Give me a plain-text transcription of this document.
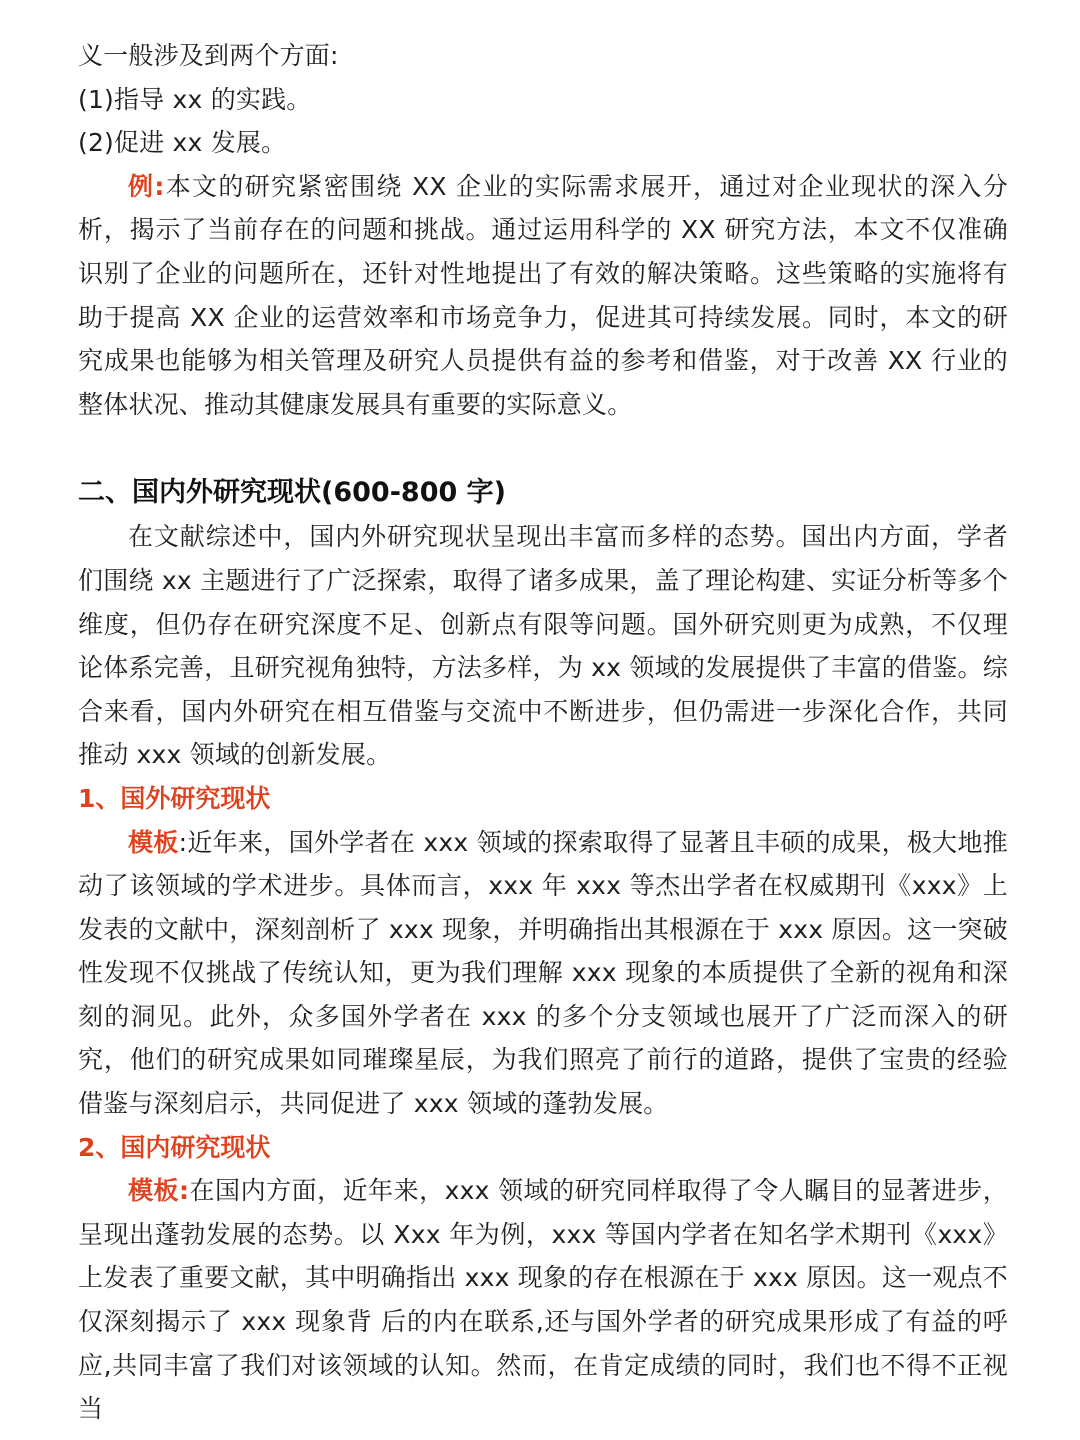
义一般涉及到两个方面:

(1)指导 xx 的实践。

(2)促进 xx 发展。

例:本文的研究紧密围绕 XX 企业的实际需求展开，通过对企业现状的深入分析，揭示了当前存在的问题和挑战。通过运用科学的 XX 研究方法，本文不仅准确识别了企业的问题所在，还针对性地提出了有效的解决策略。这些策略的实施将有助于提高 XX 企业的运营效率和市场竞争力，促进其可持续发展。同时，本文的研究成果也能够为相关管理及研究人员提供有益的参考和借鉴，对于改善 XX 行业的整体状况、推动其健康发展具有重要的实际意义。

二、国内外研究现状(600-800 字)

在文献综述中，国内外研究现状呈现出丰富而多样的态势。国出内方面，学者们围绕 xx 主题进行了广泛探索，取得了诸多成果，盖了理论构建、实证分析等多个维度，但仍存在研究深度不足、创新点有限等问题。国外研究则更为成熟，不仅理论体系完善，且研究视角独特，方法多样，为 xx 领域的发展提供了丰富的借鉴。综合来看，国内外研究在相互借鉴与交流中不断进步，但仍需进一步深化合作，共同推动 xxx 领域的创新发展。

1、国外研究现状

模板:近年来，国外学者在 xxx 领域的探索取得了显著且丰硕的成果，极大地推动了该领域的学术进步。具体而言，xxx 年 xxx 等杰出学者在权威期刊《xxx》上发表的文献中，深刻剖析了 xxx 现象，并明确指出其根源在于 xxx 原因。这一突破性发现不仅挑战了传统认知，更为我们理解 xxx 现象的本质提供了全新的视角和深刻的洞见。此外，众多国外学者在 xxx 的多个分支领域也展开了广泛而深入的研究，他们的研究成果如同璀璨星辰，为我们照亮了前行的道路，提供了宝贵的经验借鉴与深刻启示，共同促进了 xxx 领域的蓬勃发展。

2、国内研究现状

模板:在国内方面，近年来，xxx 领域的研究同样取得了令人瞩目的显著进步，呈现出蓬勃发展的态势。以 Xxx 年为例，xxx 等国内学者在知名学术期刊《xxx》上发表了重要文献，其中明确指出 xxx 现象的存在根源在于 xxx 原因。这一观点不仅深刻揭示了 xxx 现象背 后的内在联系,还与国外学者的研究成果形成了有益的呼应,共同丰富了我们对该领域的认知。然而，在肯定成绩的同时，我们也不得不正视当
